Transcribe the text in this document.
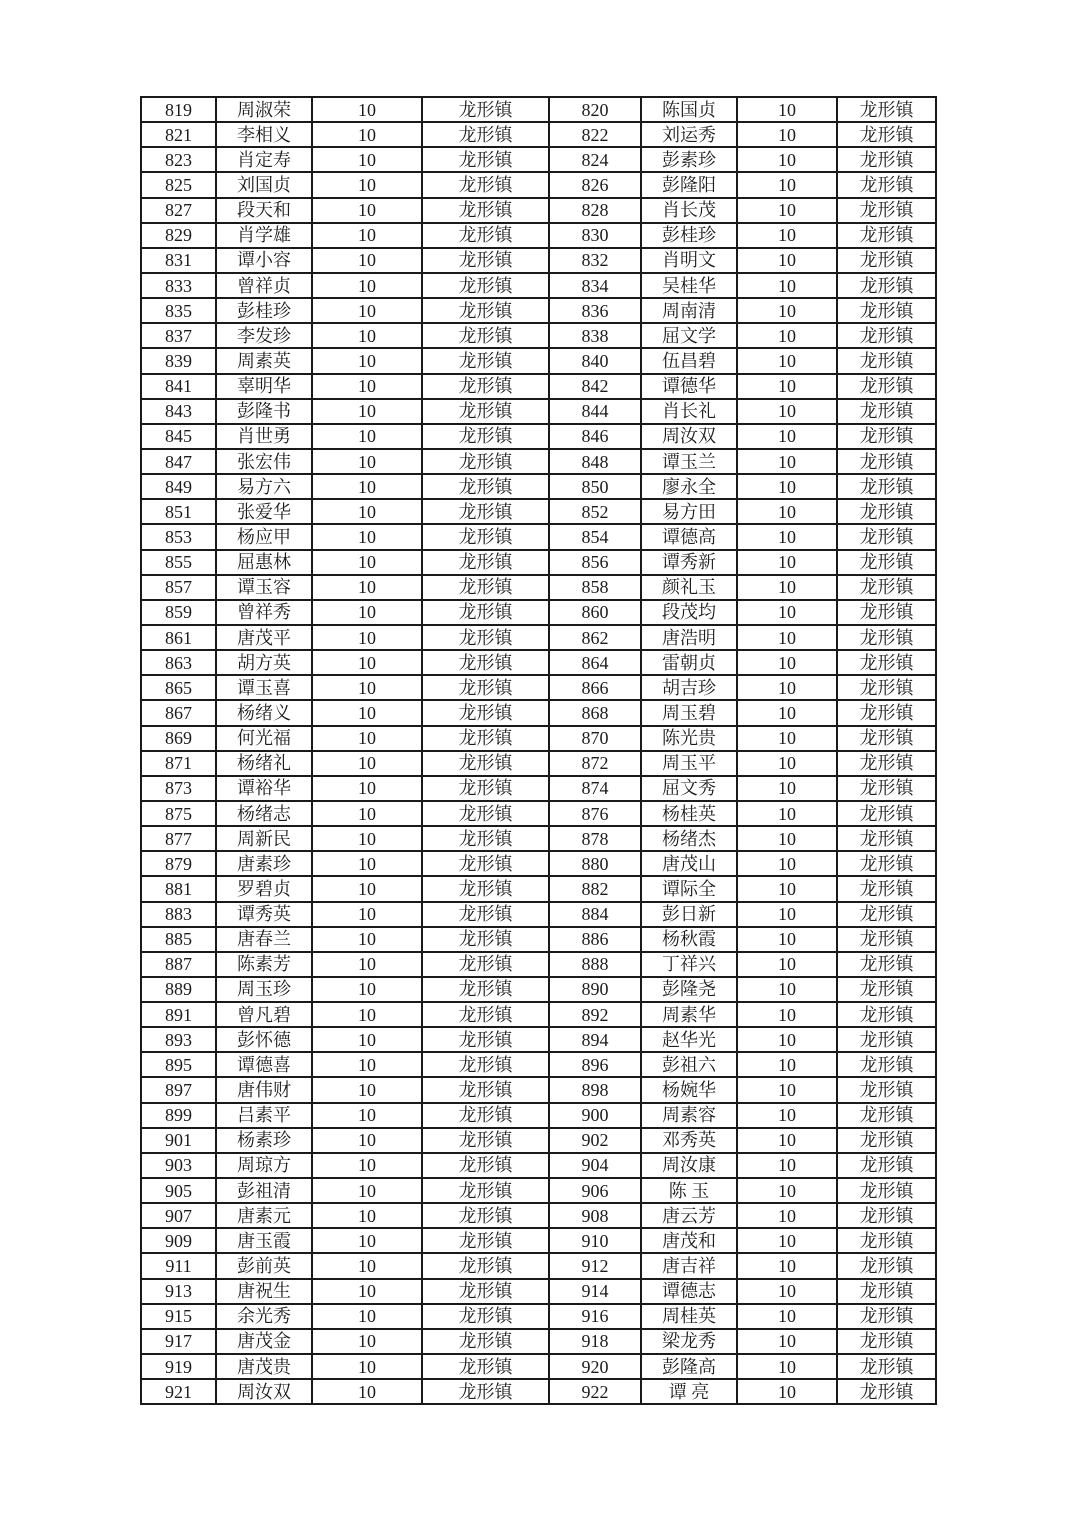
819	周淑荣	10	龙形镇	820	陈国贞	10	龙形镇
821	李相义	10	龙形镇	822	刘运秀	10	龙形镇
823	肖定寿	10	龙形镇	824	彭素珍	10	龙形镇
825	刘国贞	10	龙形镇	826	彭隆阳	10	龙形镇
827	段天和	10	龙形镇	828	肖长茂	10	龙形镇
829	肖学雄	10	龙形镇	830	彭桂珍	10	龙形镇
831	谭小容	10	龙形镇	832	肖明文	10	龙形镇
833	曾祥贞	10	龙形镇	834	吴桂华	10	龙形镇
835	彭桂珍	10	龙形镇	836	周南清	10	龙形镇
837	李发珍	10	龙形镇	838	屈文学	10	龙形镇
839	周素英	10	龙形镇	840	伍昌碧	10	龙形镇
841	辜明华	10	龙形镇	842	谭德华	10	龙形镇
843	彭隆书	10	龙形镇	844	肖长礼	10	龙形镇
845	肖世勇	10	龙形镇	846	周汝双	10	龙形镇
847	张宏伟	10	龙形镇	848	谭玉兰	10	龙形镇
849	易方六	10	龙形镇	850	廖永全	10	龙形镇
851	张爱华	10	龙形镇	852	易方田	10	龙形镇
853	杨应甲	10	龙形镇	854	谭德高	10	龙形镇
855	屈惠林	10	龙形镇	856	谭秀新	10	龙形镇
857	谭玉容	10	龙形镇	858	颜礼玉	10	龙形镇
859	曾祥秀	10	龙形镇	860	段茂均	10	龙形镇
861	唐茂平	10	龙形镇	862	唐浩明	10	龙形镇
863	胡方英	10	龙形镇	864	雷朝贞	10	龙形镇
865	谭玉喜	10	龙形镇	866	胡吉珍	10	龙形镇
867	杨绪义	10	龙形镇	868	周玉碧	10	龙形镇
869	何光福	10	龙形镇	870	陈光贵	10	龙形镇
871	杨绪礼	10	龙形镇	872	周玉平	10	龙形镇
873	谭裕华	10	龙形镇	874	屈文秀	10	龙形镇
875	杨绪志	10	龙形镇	876	杨桂英	10	龙形镇
877	周新民	10	龙形镇	878	杨绪杰	10	龙形镇
879	唐素珍	10	龙形镇	880	唐茂山	10	龙形镇
881	罗碧贞	10	龙形镇	882	谭际全	10	龙形镇
883	谭秀英	10	龙形镇	884	彭日新	10	龙形镇
885	唐春兰	10	龙形镇	886	杨秋霞	10	龙形镇
887	陈素芳	10	龙形镇	888	丁祥兴	10	龙形镇
889	周玉珍	10	龙形镇	890	彭隆尧	10	龙形镇
891	曾凡碧	10	龙形镇	892	周素华	10	龙形镇
893	彭怀德	10	龙形镇	894	赵华光	10	龙形镇
895	谭德喜	10	龙形镇	896	彭祖六	10	龙形镇
897	唐伟财	10	龙形镇	898	杨婉华	10	龙形镇
899	吕素平	10	龙形镇	900	周素容	10	龙形镇
901	杨素珍	10	龙形镇	902	邓秀英	10	龙形镇
903	周琼方	10	龙形镇	904	周汝康	10	龙形镇
905	彭祖清	10	龙形镇	906	陈 玉	10	龙形镇
907	唐素元	10	龙形镇	908	唐云芳	10	龙形镇
909	唐玉霞	10	龙形镇	910	唐茂和	10	龙形镇
911	彭前英	10	龙形镇	912	唐吉祥	10	龙形镇
913	唐祝生	10	龙形镇	914	谭德志	10	龙形镇
915	余光秀	10	龙形镇	916	周桂英	10	龙形镇
917	唐茂金	10	龙形镇	918	梁龙秀	10	龙形镇
919	唐茂贵	10	龙形镇	920	彭隆高	10	龙形镇
921	周汝双	10	龙形镇	922	谭 亮	10	龙形镇
